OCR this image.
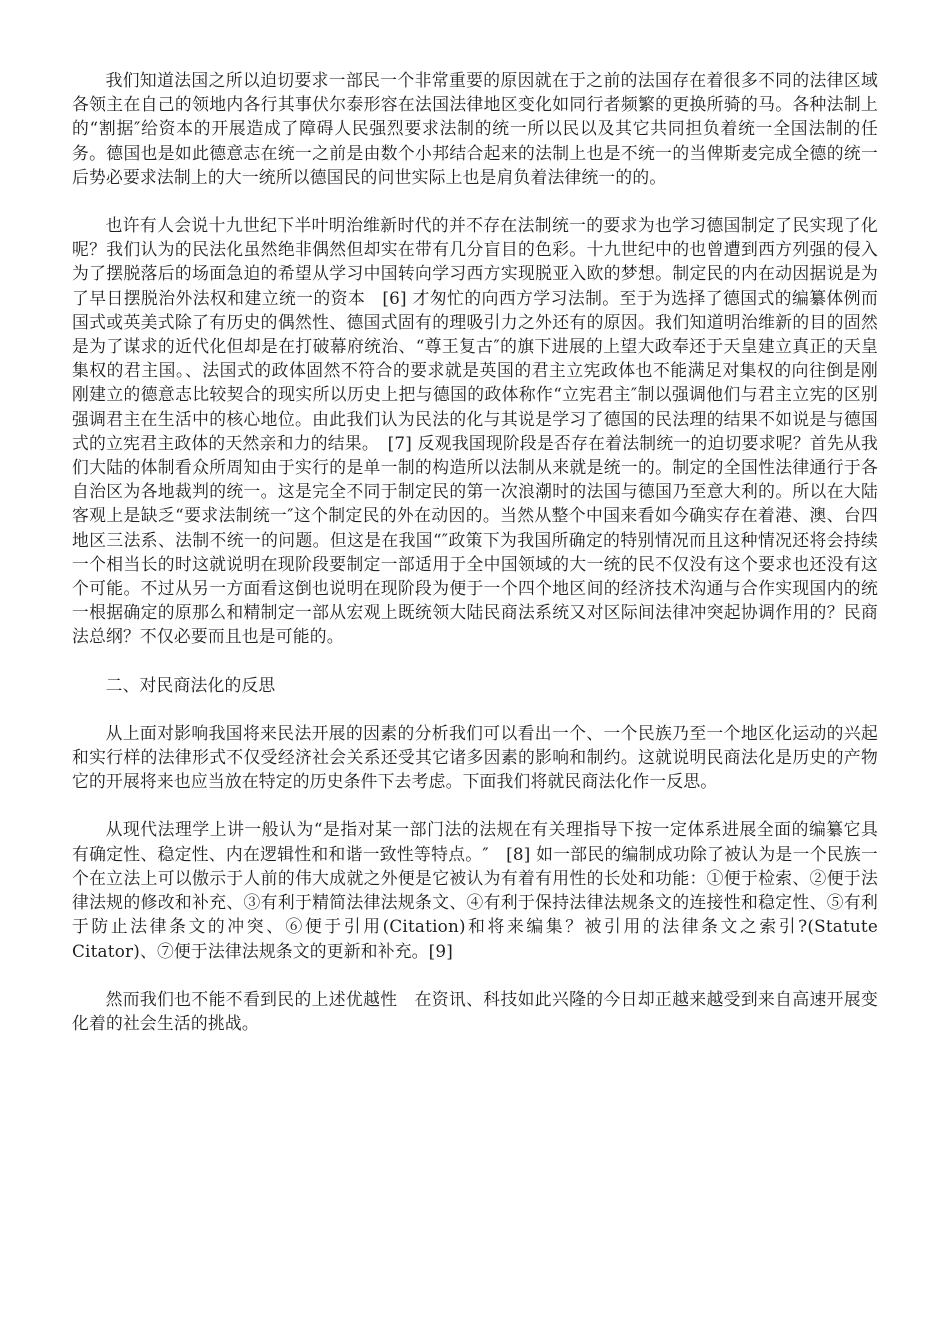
我们知道法国之所以迫切要求一部民一个非常重要的原因就在于之前的法国存在着很多不同的法律区域各领主在自己的领地内各行其事伏尔泰形容在法国法律地区变化如同行者频繁的更换所骑的马。各种法制上的“割据″给资本的开展造成了障碍人民强烈要求法制的统一所以民以及其它共同担负着统一全国法制的任务。德国也是如此德意志在统一之前是由数个小邦结合起来的法制上也是不统一的当俾斯麦完成全德的统一后势必要求法制上的大一统所以德国民的问世实际上也是肩负着法律统一的的。

也许有人会说十九世纪下半叶明治维新时代的并不存在法制统一的要求为也学习德国制定了民实现了化呢？我们认为的民法化虽然绝非偶然但却实在带有几分盲目的色彩。十九世纪中的也曾遭到西方列强的侵入为了摆脱落后的场面急迫的希望从学习中国转向学习西方实现脱亚入欧的梦想。制定民的内在动因据说是为了早日摆脱治外法权和建立统一的资本　[6] 才匆忙的向西方学习法制。至于为选择了德国式的编纂体例而国式或英美式除了有历史的偶然性、德国式固有的理吸引力之外还有的原因。我们知道明治维新的目的固然是为了谋求的近代化但却是在打破幕府统治、“尊王复古″的旗下进展的上望大政奉还于天皇建立真正的天皇集权的君主国。、法国式的政体固然不符合的要求就是英国的君主立宪政体也不能满足对集权的向往倒是刚刚建立的德意志比较契合的现实所以历史上把与德国的政体称作“立宪君主″制以强调他们与君主立宪的区别强调君主在生活中的核心地位。由此我们认为民法的化与其说是学习了德国的民法理的结果不如说是与德国式的立宪君主政体的天然亲和力的结果。　[7] 反观我国现阶段是否存在着法制统一的迫切要求呢？首先从我们大陆的体制看众所周知由于实行的是单一制的构造所以法制从来就是统一的。制定的全国性法律通行于各自治区为各地裁判的统一。这是完全不同于制定民的第一次浪潮时的法国与德国乃至意大利的。所以在大陆客观上是缺乏“要求法制统一″这个制定民的外在动因的。当然从整个中国来看如今确实存在着港、澳、台四地区三法系、法制不统一的问题。但这是在我国“″政策下为我国所确定的特别情况而且这种情况还将会持续一个相当长的时这就说明在现阶段要制定一部适用于全中国领域的大一统的民不仅没有这个要求也还没有这个可能。不过从另一方面看这倒也说明在现阶段为便于一个四个地区间的经济技术沟通与合作实现国内的统一根据确定的原那么和精制定一部从宏观上既统领大陆民商法系统又对区际间法律冲突起协调作用的？民商法总纲？不仅必要而且也是可能的。

二、对民商法化的反思

从上面对影响我国将来民法开展的因素的分析我们可以看出一个、一个民族乃至一个地区化运动的兴起和实行样的法律形式不仅受经济社会关系还受其它诸多因素的影响和制约。这就说明民商法化是历史的产物它的开展将来也应当放在特定的历史条件下去考虑。下面我们将就民商法化作一反思。

从现代法理学上讲一般认为“是指对某一部门法的法规在有关理指导下按一定体系进展全面的编纂它具有确定性、稳定性、内在逻辑性和和谐一致性等特点。″　[8] 如一部民的编制成功除了被认为是一个民族一个在立法上可以傲示于人前的伟大成就之外便是它被认为有着有用性的长处和功能：①便于检索、②便于法律法规的修改和补充、③有利于精简法律法规条文、④有利于保持法律法规条文的连接性和稳定性、⑤有利于防止法律条文的冲突、⑥便于引用(Citation)和将来编集？被引用的法律条文之索引?(Statute Citator)、⑦便于法律法规条文的更新和补充。[9]

然而我们也不能不看到民的上述优越性　在资讯、科技如此兴隆的今日却正越来越受到来自高速开展变化着的社会生活的挑战。
